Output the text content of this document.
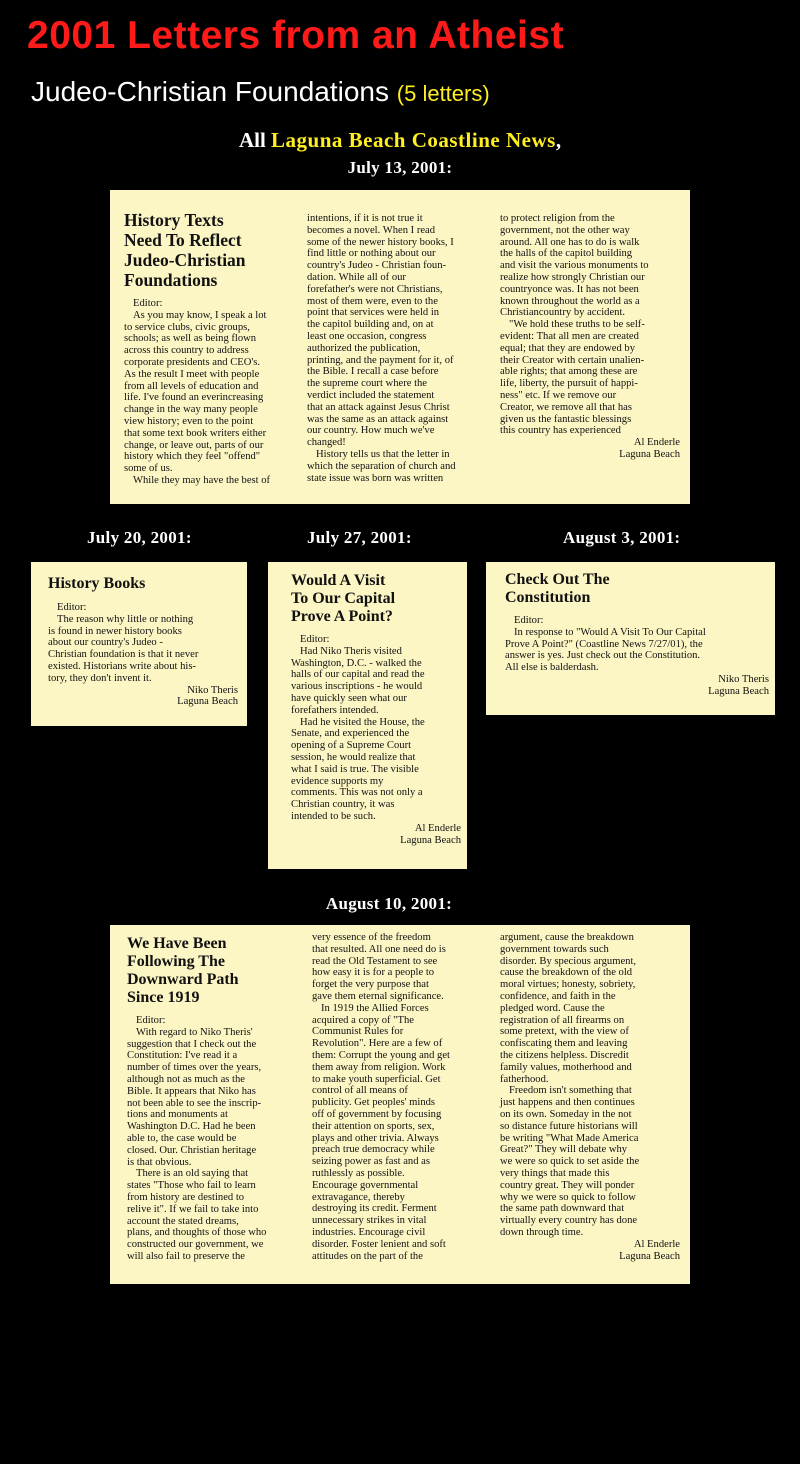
2001 Letters from an Atheist
Judeo-Christian Foundations (5 letters)
All Laguna Beach Coastline News,
July 13, 2001:
History Texts
Need To Reflect
Judeo-Christian
Foundations

Editor:

As you may know, I speak a lot

to service clubs, civic groups,

schools; as well as being flown

across this country to address

corporate presidents and CEO's.

As the result I meet with people

from all levels of education and

life. I've found an everincreasing

change in the way many people

view history; even to the point

that some text book writers either

change, or leave out, parts of our

history which they feel "offend"

some of us.

While they may have the best of

intentions, if it is not true it

becomes a novel. When I read

some of the newer history books, I

find little or nothing about our

country's Judeo - Christian foun-

dation. While all of our

forefather's were not Christians,

most of them were, even to the

point that services were held in

the capitol building and, on at

least one occasion, congress

authorized the publication,

printing, and the payment for it, of

the Bible. I recall a case before

the supreme court where the

verdict included the statement

that an attack against Jesus Christ

was the same as an attack against

our country. How much we've

changed!

History tells us that the letter in

which the separation of church and

state issue was born was written

to protect religion from the

government, not the other way

around. All one has to do is walk

the halls of the capitol building

and visit the various monuments to

realize how strongly Christian our

countryonce was. It has not been

known throughout the world as a

Christiancountry by accident.

"We hold these truths to be self-

evident: That all men are created

equal; that they are endowed by

their Creator with certain unalien-

able rights; that among these are

life, liberty, the pursuit of happi-

ness" etc. If we remove our

Creator, we remove all that has

given us the fantastic blessings

this country has experienced

Al Enderle

Laguna Beach

July 20, 2001:	July 27, 2001:	August 3, 2001:
History Books

Editor:

The reason why little or nothing

is found in newer history books

about our country's Judeo -

Christian foundation is that it never

existed. Historians write about his-

tory, they don't invent it.

Niko Theris

Laguna Beach

Would A Visit
To Our Capital
Prove A Point?

Editor:

Had Niko Theris visited

Washington, D.C. - walked the

halls of our capital and read the

various inscriptions - he would

have quickly seen what our

forefathers intended.

Had he visited the House, the

Senate, and experienced the

opening of a Supreme Court

session, he would realize that

what I said is true. The visible

evidence supports my

comments. This was not only a

Christian country, it was

intended to be such.

Al Enderle

Laguna Beach

Check Out The
Constitution

Editor:

In response to "Would A Visit To Our Capital

Prove A Point?" (Coastline News 7/27/01), the

answer is yes. Just check out the Constitution.

All else is balderdash.

Niko Theris

Laguna Beach

August 10, 2001:
We Have Been
Following The
Downward Path
Since 1919

Editor:

With regard to Niko Theris'

suggestion that I check out the

Constitution: I've read it a

number of times over the years,

although not as much as the

Bible. It appears that Niko has

not been able to see the inscrip-

tions and monuments at

Washington D.C. Had he been

able to, the case would be

closed. Our. Christian heritage

is that obvious.

There is an old saying that

states "Those who fail to learn

from history are destined to

relive it". If we fail to take into

account the stated dreams,

plans, and thoughts of those who

constructed our government, we

will also fail to preserve the

very essence of the freedom

that resulted. All one need do is

read the Old Testament to see

how easy it is for a people to

forget the very purpose that

gave them eternal significance.

In 1919 the Allied Forces

acquired a copy of "The

Communist Rules for

Revolution". Here are a few of

them: Corrupt the young and get

them away from religion. Work

to make youth superficial. Get

control of all means of

publicity. Get peoples' minds

off of government by focusing

their attention on sports, sex,

plays and other trivia. Always

preach true democracy while

seizing power as fast and as

ruthlessly as possible.

Encourage governmental

extravagance, thereby

destroying its credit. Ferment

unnecessary strikes in vital

industries. Encourage civil

disorder. Foster lenient and soft

attitudes on the part of the

argument, cause the breakdown

government towards such

disorder. By specious argument,

cause the breakdown of the old

moral virtues; honesty, sobriety,

confidence, and faith in the

pledged word. Cause the

registration of all firearms on

some pretext, with the view of

confiscating them and leaving

the citizens helpless. Discredit

family values, motherhood and

fatherhood.

Freedom isn't something that

just happens and then continues

on its own. Someday in the not

so distance future historians will

be writing "What Made America

Great?" They will debate why

we were so quick to set aside the

very things that made this

country great. They will ponder

why we were so quick to follow

the same path downward that

virtually every country has done

down through time.

Al Enderle

Laguna Beach
